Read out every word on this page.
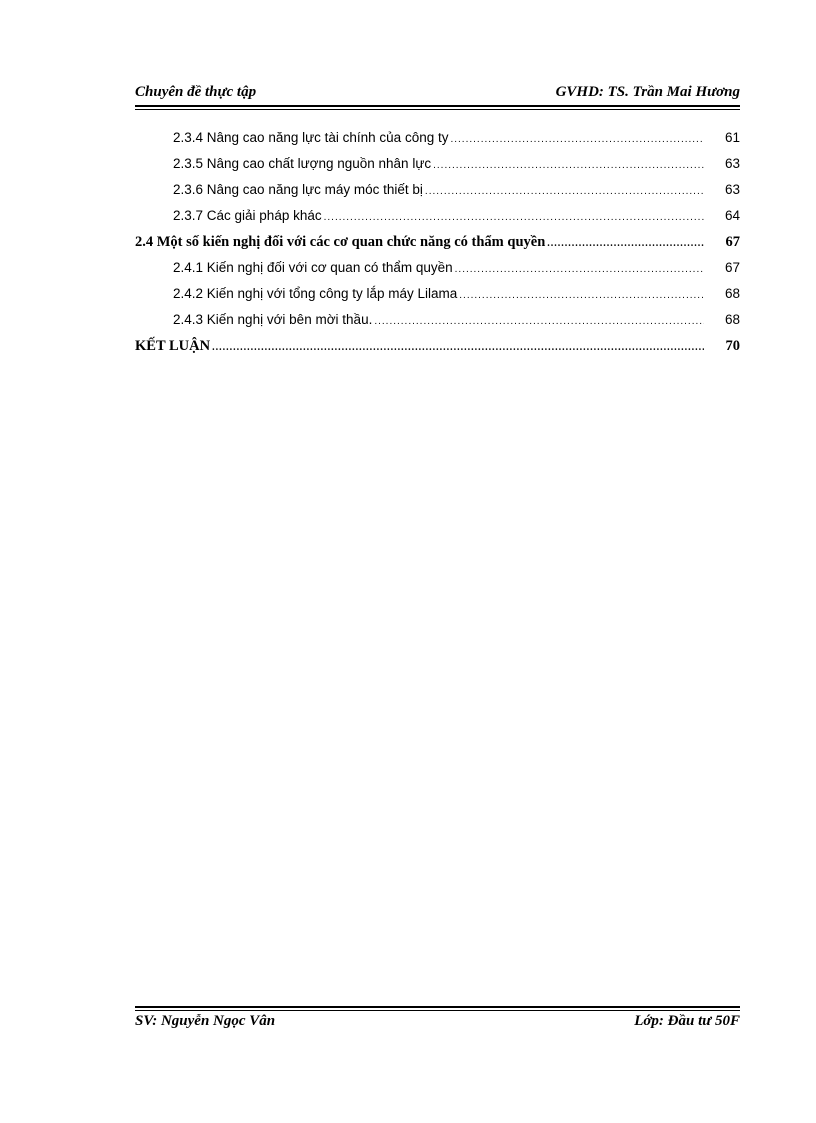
Chuyên đề thực tập	GVHD: TS. Trần Mai Hương
2.3.4 Nâng cao năng lực tài chính của công ty .....	61
2.3.5 Nâng cao chất lượng nguồn nhân lực .....	63
2.3.6 Nâng cao năng lực máy móc thiết bị .....	63
2.3.7 Các giải pháp khác .....	64
2.4 Một số kiến nghị đối với các cơ quan chức năng có thẩm quyền .....	67
2.4.1 Kiến nghị đối với cơ quan có thẩm quyền .....	67
2.4.2 Kiến nghị với tổng công ty lắp máy Lilama .....	68
2.4.3 Kiến nghị với bên mời thầu. .....	68
KẾT LUẬN .....	70
SV: Nguyễn Ngọc Vân	Lớp: Đầu tư 50F
